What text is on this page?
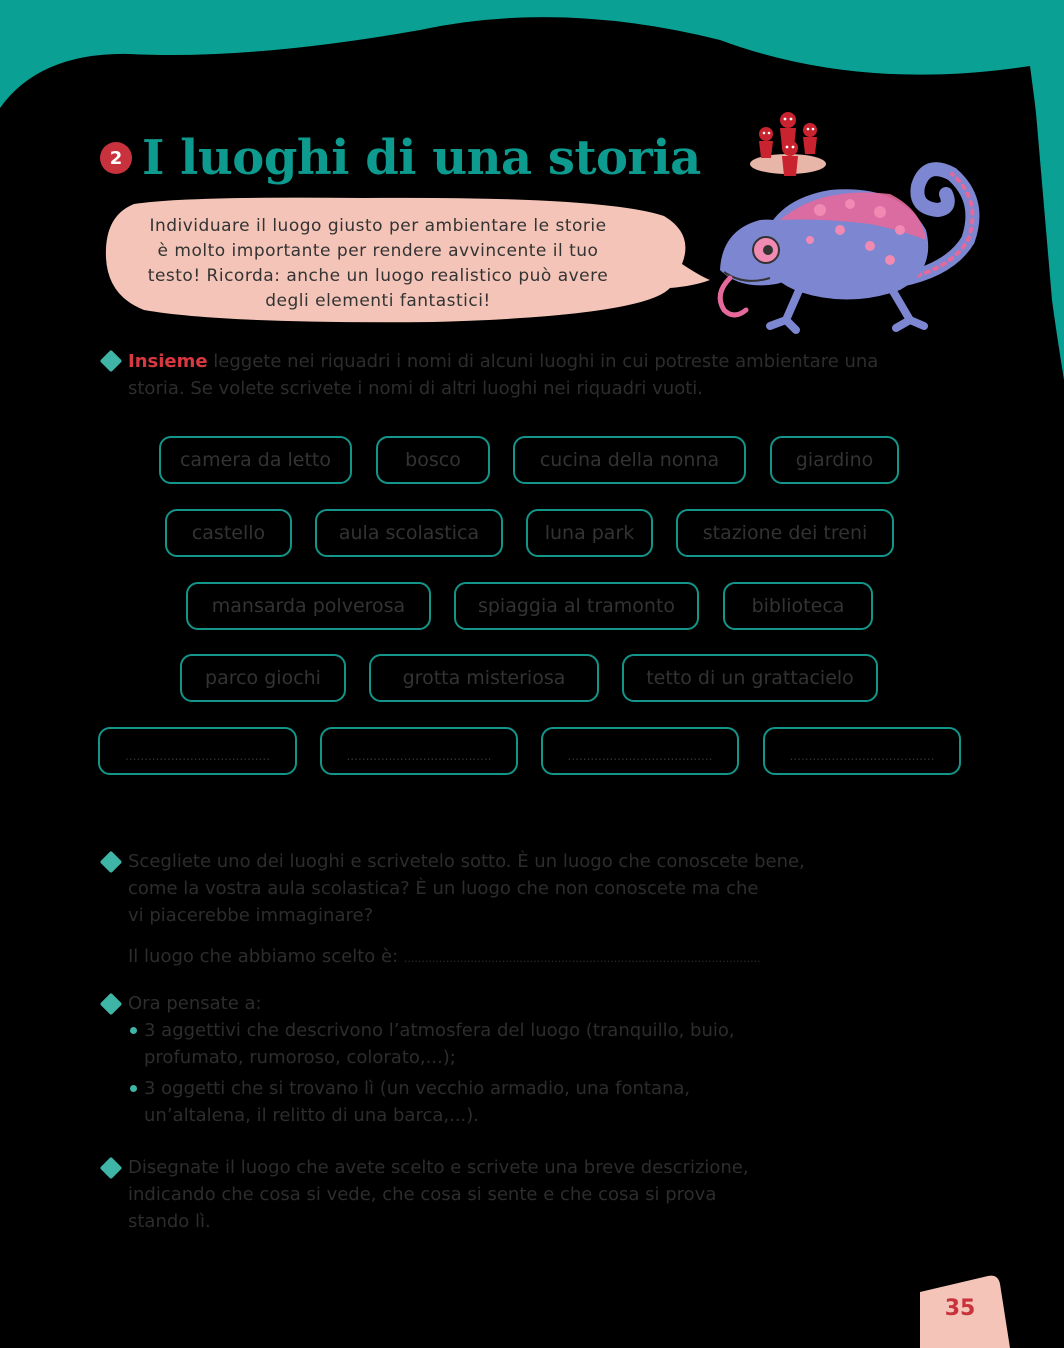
2 I luoghi di una storia
Individuare il luogo giusto per ambientare le storie
è molto importante per rendere avvincente il tuo
testo! Ricorda: anche un luogo realistico può avere
degli elementi fantastici!
Insieme leggete nei riquadri i nomi di alcuni luoghi in cui potreste ambientare una
storia. Se volete scrivete i nomi di altri luoghi nei riquadri vuoti.
camera da letto	bosco	cucina della nonna	giardino
castello	aula scolastica	luna park	stazione dei treni
mansarda polverosa	spiaggia al tramonto	biblioteca
parco giochi	grotta misteriosa	tetto di un grattacielo
......................................	......................................	......................................	......................................
Scegliete uno dei luoghi e scrivetelo sotto. È un luogo che conoscete bene,
come la vostra aula scolastica? È un luogo che non conoscete ma che
vi piacerebbe immaginare?
Il luogo che abbiamo scelto è: ......................................................................................................
Ora pensate a:
3 aggettivi che descrivono l’atmosfera del luogo (tranquillo, buio,
profumato, rumoroso, colorato,...);
3 oggetti che si trovano lì (un vecchio armadio, una fontana,
un’altalena, il relitto di una barca,...).
Disegnate il luogo che avete scelto e scrivete una breve descrizione,
indicando che cosa si vede, che cosa si sente e che cosa si prova
stando lì.
35
